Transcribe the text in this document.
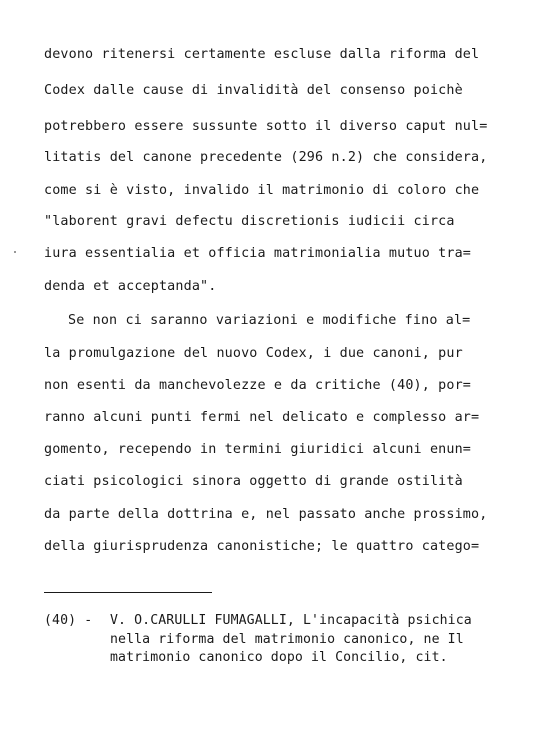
devono ritenersi certamente escluse dalla riforma del
Codex dalle cause di invalidità del consenso poichè
potrebbero essere sussunte sotto il diverso caput nul=
litatis del canone precedente (296 n.2) che considera,
come si è visto, invalido il matrimonio di coloro che
"laborent gravi defectu discretionis iudicii circa
iura essentialia et officia matrimonialia mutuo tra=
denda et acceptanda".
Se non ci saranno variazioni e modifiche fino al=
la promulgazione del nuovo Codex, i due canoni, pur
non esenti da manchevolezze e da critiche (40), por=
ranno alcuni punti fermi nel delicato e complesso ar=
gomento, recependo in termini giuridici alcuni enun=
ciati psicologici sinora oggetto di grande ostilità
da parte della dottrina e, nel passato anche prossimo,
della giurisprudenza canonistiche; le quattro catego=
(40) - V. O.CARULLI FUMAGALLI, L'incapacità psichica
nella riforma del matrimonio canonico, ne Il
matrimonio canonico dopo il Concilio, cit.
